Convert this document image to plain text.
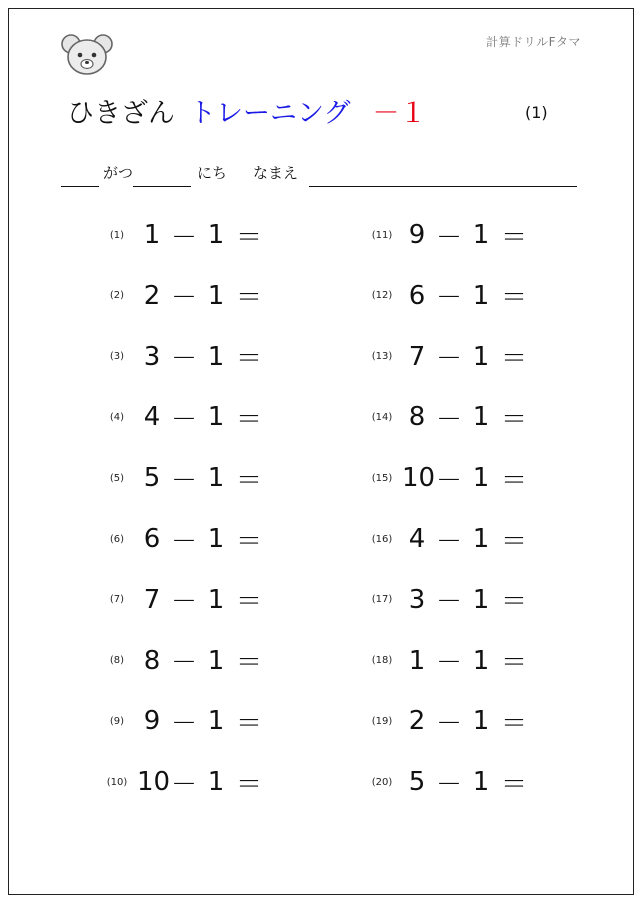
計算ドリルFタマ
ひきざん トレーニング －１	(1)
がつ	にち なまえ
(1) 1 － 1 ＝
(2) 2 － 1 ＝
(3) 3 － 1 ＝
(4) 4 － 1 ＝
(5) 5 － 1 ＝
(6) 6 － 1 ＝
(7) 7 － 1 ＝
(8) 8 － 1 ＝
(9) 9 － 1 ＝
(10) 10 － 1 ＝
(11) 9 － 1 ＝
(12) 6 － 1 ＝
(13) 7 － 1 ＝
(14) 8 － 1 ＝
(15) 10 － 1 ＝
(16) 4 － 1 ＝
(17) 3 － 1 ＝
(18) 1 － 1 ＝
(19) 2 － 1 ＝
(20) 5 － 1 ＝
